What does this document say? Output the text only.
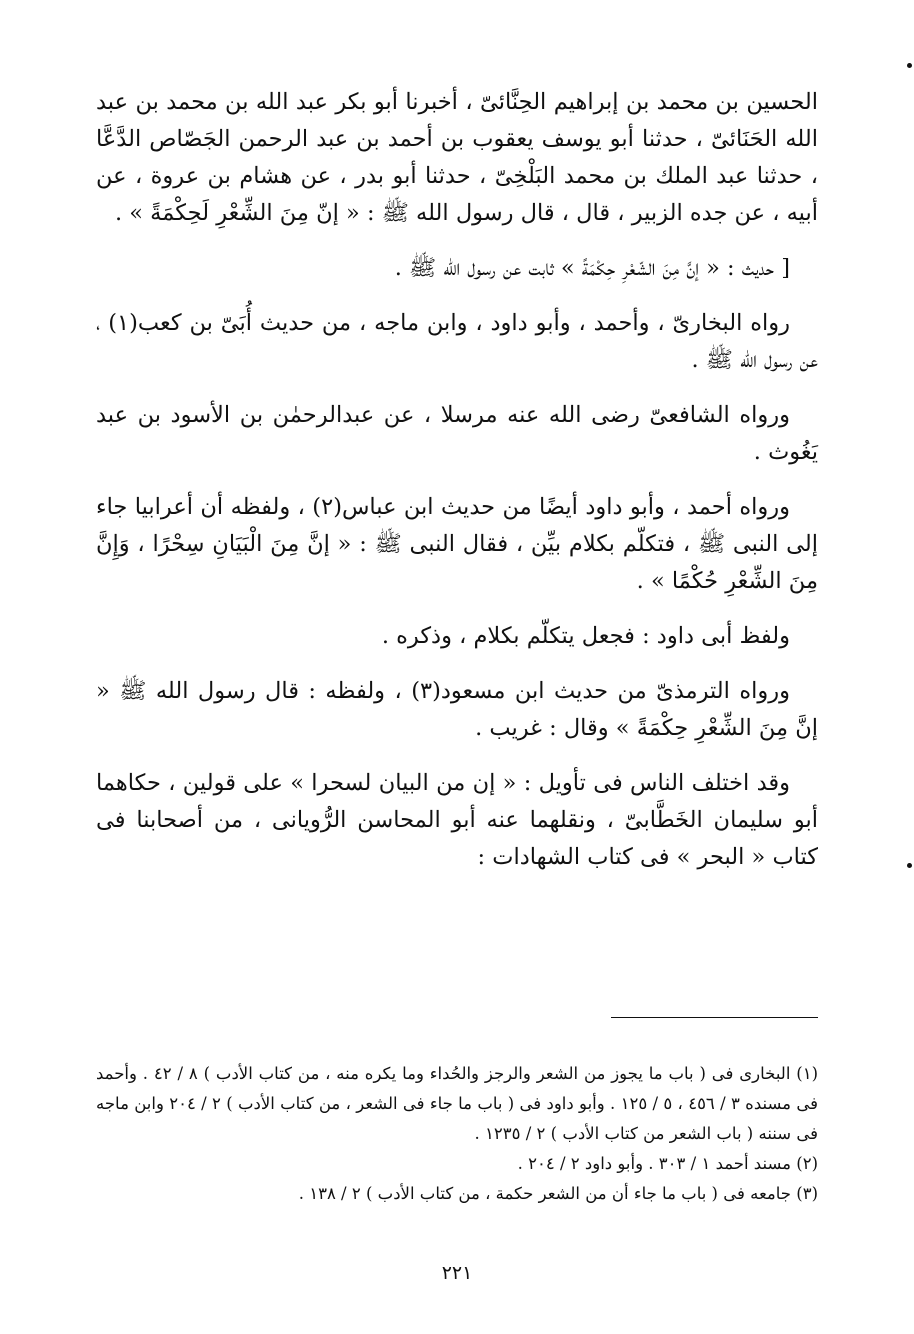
الحسين بن محمد بن إبراهيم الحِنَّائىّ ، أخبرنا أبو بكر عبد الله بن محمد بن عبد الله الحَنَائىّ ، حدثنا أبو يوسف يعقوب بن أحمد بن عبد الرحمن الجَصّاص الدَّعَّا ، حدثنا عبد الملك بن محمد البَلْخِىّ ، حدثنا أبو بدر ، عن هشام بن عروة ، عن أبيه ، عن جده الزبير ، قال ، قال رسول الله ﷺ : « إنّ مِنَ الشِّعْرِ لَحِكْمَةً » .

[ حديث : « إنَّ مِنَ الشّعْرِ حِكْمَةً » ثابت عن رسول الله ﷺ .

رواه البخارىّ ، وأحمد ، وأبو داود ، وابن ماجه ، من حديث أُبَىّ بن كعب(١) ، عن رسول الله ﷺ .

ورواه الشافعىّ رضى الله عنه مرسلا ، عن عبدالرحمٰن بن الأسود بن عبد يَغُوث .

ورواه أحمد ، وأبو داود أيضًا من حديث ابن عباس(٢) ، ولفظه أن أعرابيا جاء إلى النبى ﷺ ، فتكلّم بكلام بيِّن ، فقال النبى ﷺ : « إنَّ مِنَ الْبَيَانِ سِحْرًا ، وَإِنَّ مِنَ الشِّعْرِ حُكْمًا » .

ولفظ أبى داود : فجعل يتكلّم بكلام ، وذكره .

ورواه الترمذىّ من حديث ابن مسعود(٣) ، ولفظه : قال رسول الله ﷺ « إنَّ مِنَ الشِّعْرِ حِكْمَةً » وقال : غريب .

وقد اختلف الناس فى تأويل : « إن من البيان لسحرا » على قولين ، حكاهما أبو سليمان الخَطَّابىّ ، ونقلهما عنه أبو المحاسن الرُّويانى ، من أصحابنا فى كتاب « البحر » فى كتاب الشهادات :

(١) البخارى فى ( باب ما يجوز من الشعر والرجز والحُداء وما يكره منه ، من كتاب الأدب ) ٨ / ٤٢ . وأحمد فى مسنده ٣ / ٤٥٦ ، ٥ / ١٢٥ . وأبو داود فى ( باب ما جاء فى الشعر ، من كتاب الأدب ) ٢ / ٢٠٤ وابن ماجه فى سننه ( باب الشعر من كتاب الأدب ) ٢ / ١٢٣٥ .

(٢) مسند أحمد ١ / ٣٠٣ . وأبو داود ٢ / ٢٠٤ .

(٣) جامعه فى ( باب ما جاء أن من الشعر حكمة ، من كتاب الأدب ) ٢ / ١٣٨ .

٢٢١
